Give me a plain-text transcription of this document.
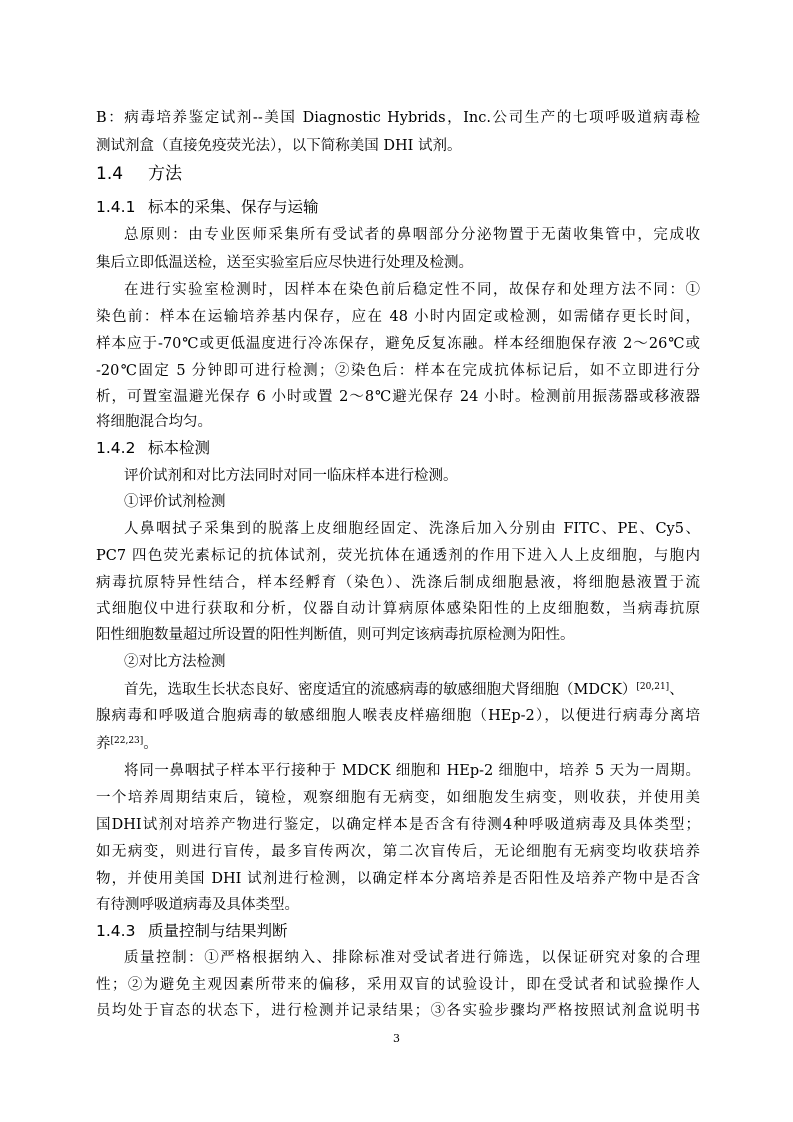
B：病毒培养鉴定试剂--美国 Diagnostic Hybrids，Inc.公司生产的七项呼吸道病毒检
测试剂盒（直接免疫荧光法），以下简称美国 DHI 试剂。
1.4 方法
1.4.1 标本的采集、保存与运输
总原则：由专业医师采集所有受试者的鼻咽部分分泌物置于无菌收集管中，完成收
集后立即低温送检，送至实验室后应尽快进行处理及检测。
在进行实验室检测时，因样本在染色前后稳定性不同，故保存和处理方法不同：①
染色前：样本在运输培养基内保存，应在 48 小时内固定或检测，如需储存更长时间，
样本应于-70℃或更低温度进行冷冻保存，避免反复冻融。样本经细胞保存液 2～26℃或
-20℃固定 5 分钟即可进行检测；②染色后：样本在完成抗体标记后，如不立即进行分
析，可置室温避光保存 6 小时或置 2～8℃避光保存 24 小时。检测前用振荡器或移液器
将细胞混合均匀。
1.4.2 标本检测
评价试剂和对比方法同时对同一临床样本进行检测。
①评价试剂检测
人鼻咽拭子采集到的脱落上皮细胞经固定、洗涤后加入分别由 FITC、PE、Cy5、
PC7 四色荧光素标记的抗体试剂，荧光抗体在通透剂的作用下进入人上皮细胞，与胞内
病毒抗原特异性结合，样本经孵育（染色）、洗涤后制成细胞悬液，将细胞悬液置于流
式细胞仪中进行获取和分析，仪器自动计算病原体感染阳性的上皮细胞数，当病毒抗原
阳性细胞数量超过所设置的阳性判断值，则可判定该病毒抗原检测为阳性。
②对比方法检测
首先，选取生长状态良好、密度适宜的流感病毒的敏感细胞犬肾细胞（MDCK）[20,21]、
腺病毒和呼吸道合胞病毒的敏感细胞人喉表皮样癌细胞（HEp-2），以便进行病毒分离培
养[22,23]。
将同一鼻咽拭子样本平行接种于 MDCK 细胞和 HEp-2 细胞中，培养 5 天为一周期。
一个培养周期结束后，镜检，观察细胞有无病变，如细胞发生病变，则收获，并使用美
国DHI试剂对培养产物进行鉴定，以确定样本是否含有待测4种呼吸道病毒及具体类型；
如无病变，则进行盲传，最多盲传两次，第二次盲传后，无论细胞有无病变均收获培养
物，并使用美国 DHI 试剂进行检测，以确定样本分离培养是否阳性及培养产物中是否含
有待测呼吸道病毒及具体类型。
1.4.3 质量控制与结果判断
质量控制：①严格根据纳入、排除标准对受试者进行筛选，以保证研究对象的合理
性；②为避免主观因素所带来的偏移，采用双盲的试验设计，即在受试者和试验操作人
员均处于盲态的状态下，进行检测并记录结果；③各实验步骤均严格按照试剂盒说明书
3
